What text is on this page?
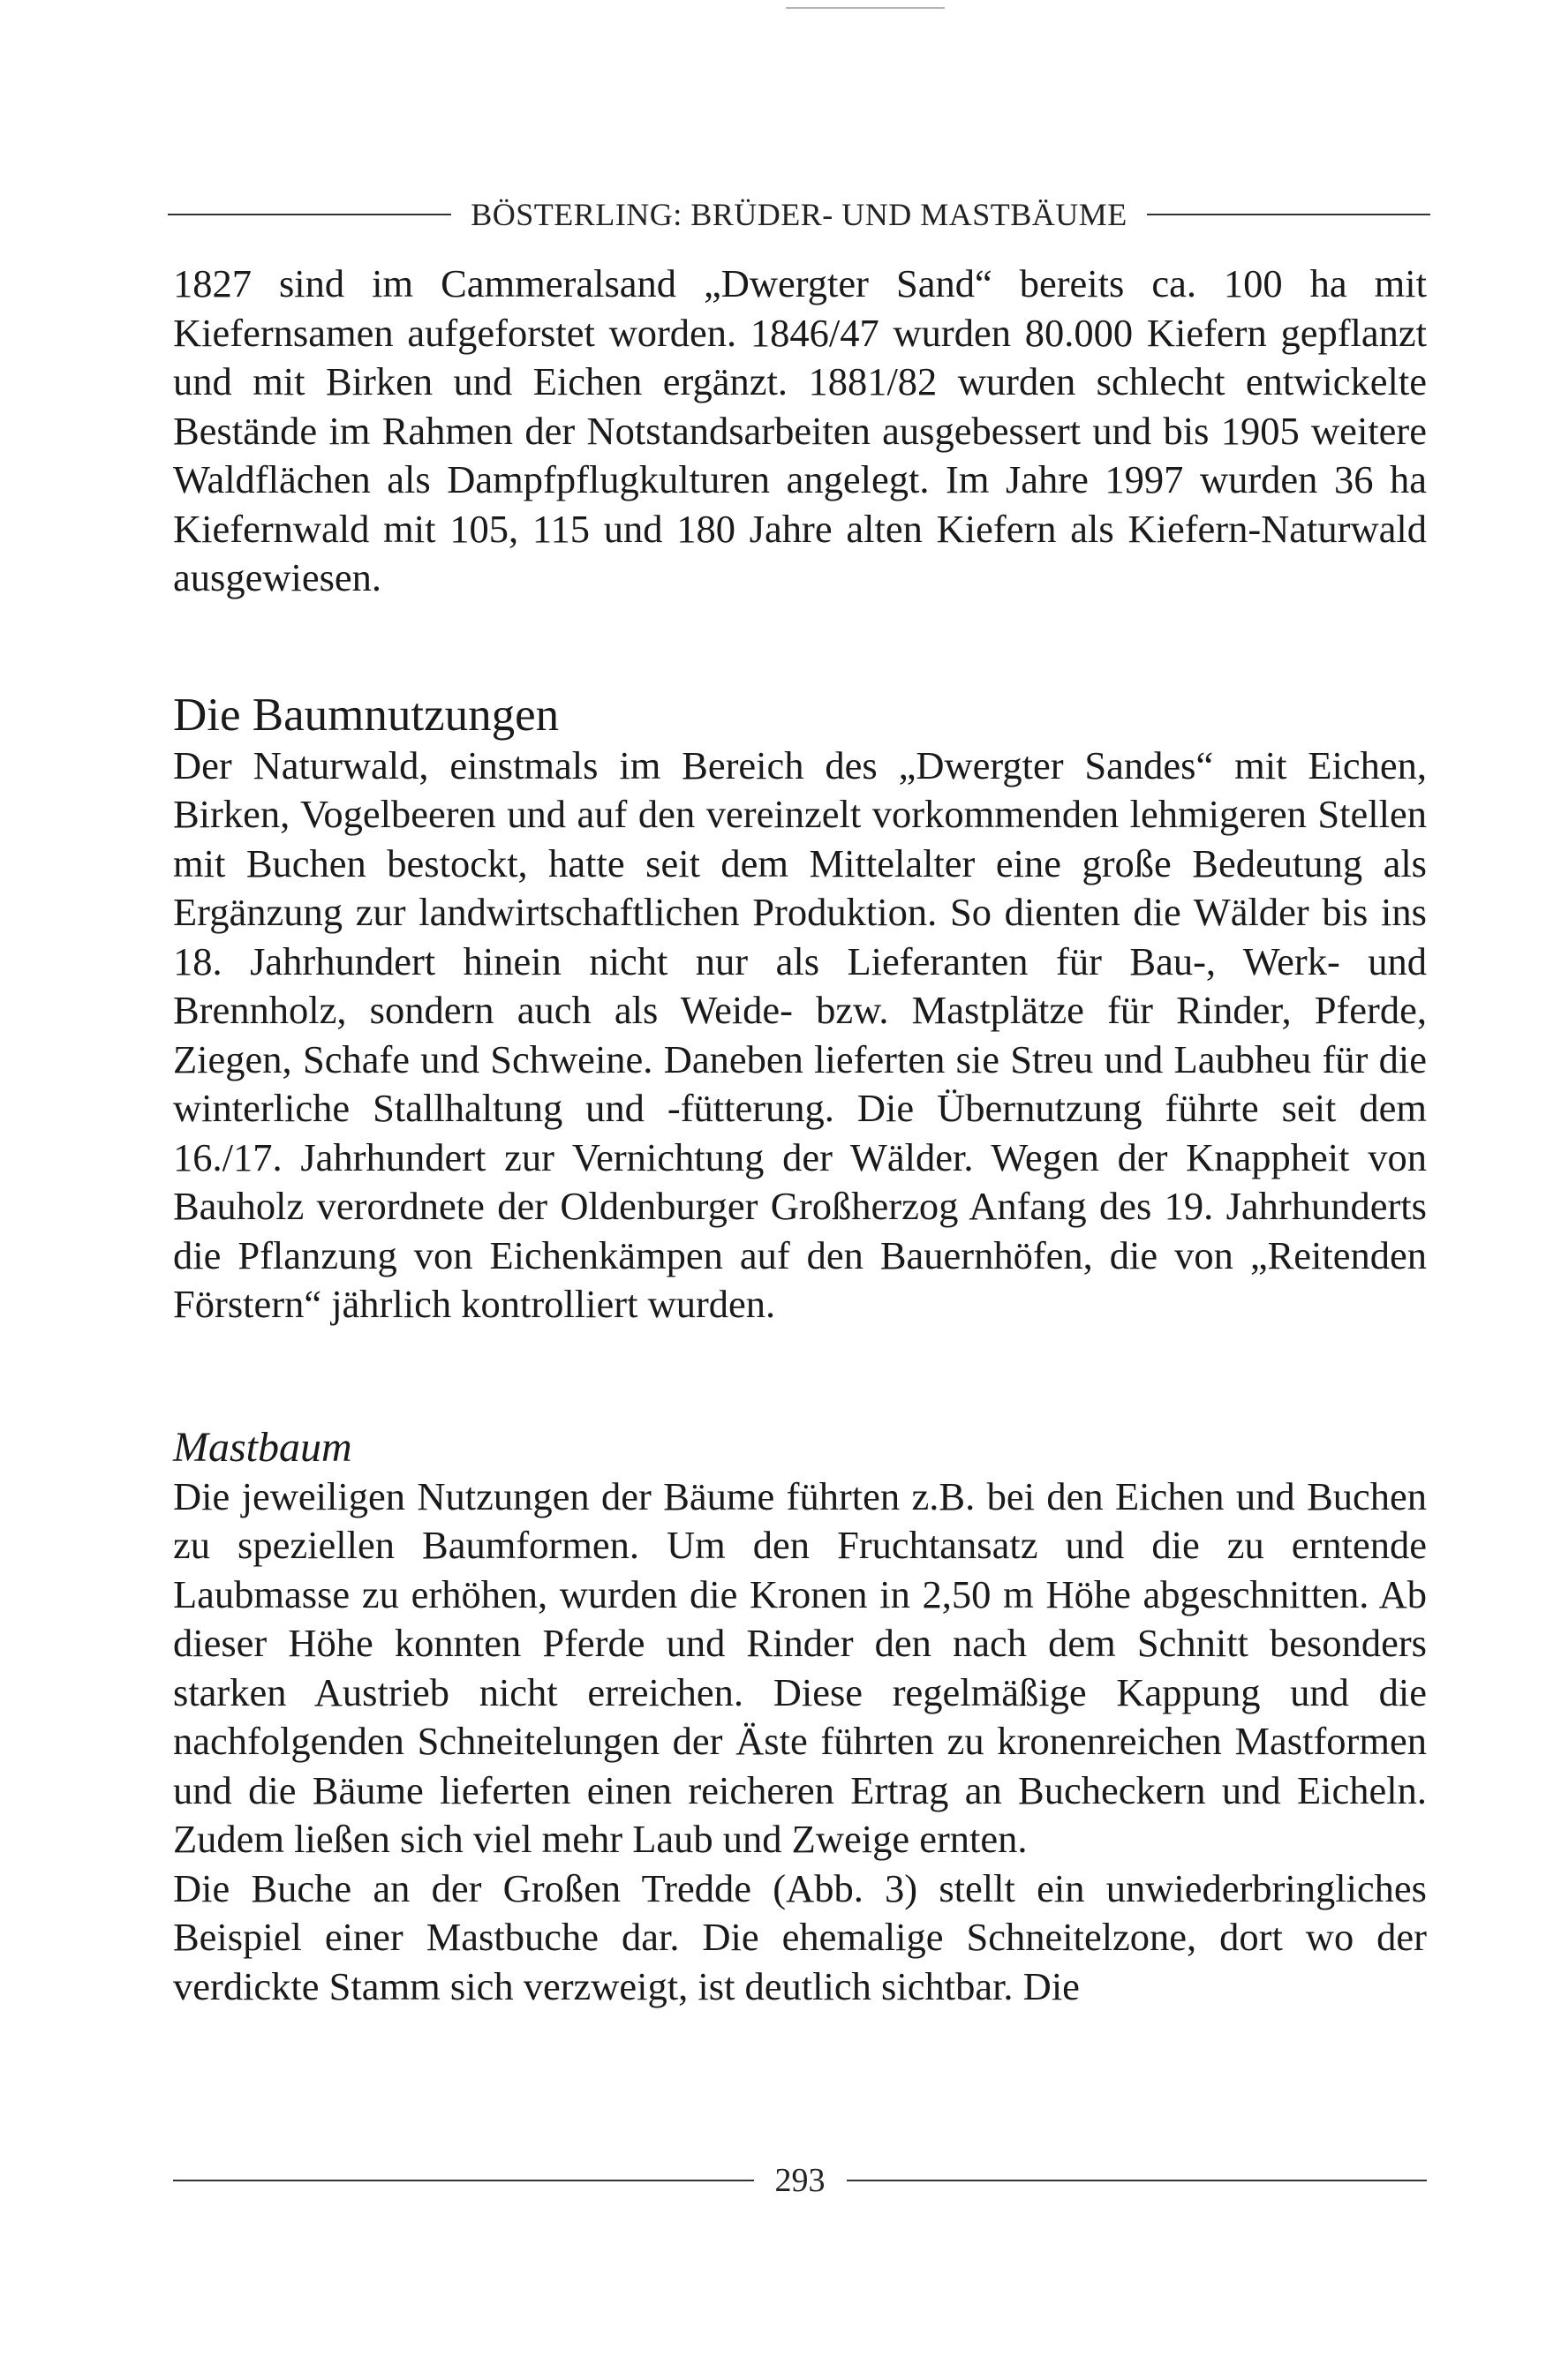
BÖSTERLING: BRÜDER- UND MASTBÄUME

1827 sind im Cammeralsand „Dwergter Sand“ bereits ca. 100 ha mit Kiefernsamen aufgeforstet worden. 1846/47 wurden 80.000 Kiefern gepflanzt und mit Birken und Eichen ergänzt. 1881/82 wurden schlecht entwickelte Bestände im Rahmen der Notstandsarbeiten ausgebessert und bis 1905 weitere Waldflächen als Dampfpflugkulturen angelegt. Im Jahre 1997 wurden 36 ha Kiefernwald mit 105, 115 und 180 Jahre alten Kiefern als Kiefern-Naturwald ausgewiesen.

Die Baumnutzungen

Der Naturwald, einstmals im Bereich des „Dwergter Sandes“ mit Eichen, Birken, Vogelbeeren und auf den vereinzelt vorkommenden lehmigeren Stellen mit Buchen bestockt, hatte seit dem Mittelalter eine große Bedeutung als Ergänzung zur landwirtschaftlichen Produktion. So dienten die Wälder bis ins 18. Jahrhundert hinein nicht nur als Lieferanten für Bau-, Werk- und Brennholz, sondern auch als Weide- bzw. Mastplätze für Rinder, Pferde, Ziegen, Schafe und Schweine. Daneben lieferten sie Streu und Laubheu für die winterliche Stallhaltung und -fütterung. Die Übernutzung führte seit dem 16./17. Jahrhundert zur Vernichtung der Wälder. Wegen der Knappheit von Bauholz verordnete der Oldenburger Großherzog Anfang des 19. Jahrhunderts die Pflanzung von Eichenkämpen auf den Bauernhöfen, die von „Reitenden Förstern“ jährlich kontrolliert wurden.

Mastbaum

Die jeweiligen Nutzungen der Bäume führten z.B. bei den Eichen und Buchen zu speziellen Baumformen. Um den Fruchtansatz und die zu erntende Laubmasse zu erhöhen, wurden die Kronen in 2,50 m Höhe abgeschnitten. Ab dieser Höhe konnten Pferde und Rinder den nach dem Schnitt besonders starken Austrieb nicht erreichen. Diese regelmäßige Kappung und die nachfolgenden Schneitelungen der Äste führten zu kronenreichen Mastformen und die Bäume lieferten einen reicheren Ertrag an Bucheckern und Eicheln. Zudem ließen sich viel mehr Laub und Zweige ernten.

Die Buche an der Großen Tredde (Abb. 3) stellt ein unwiederbringliches Beispiel einer Mastbuche dar. Die ehemalige Schneitelzone, dort wo der verdickte Stamm sich verzweigt, ist deutlich sichtbar. Die

293
